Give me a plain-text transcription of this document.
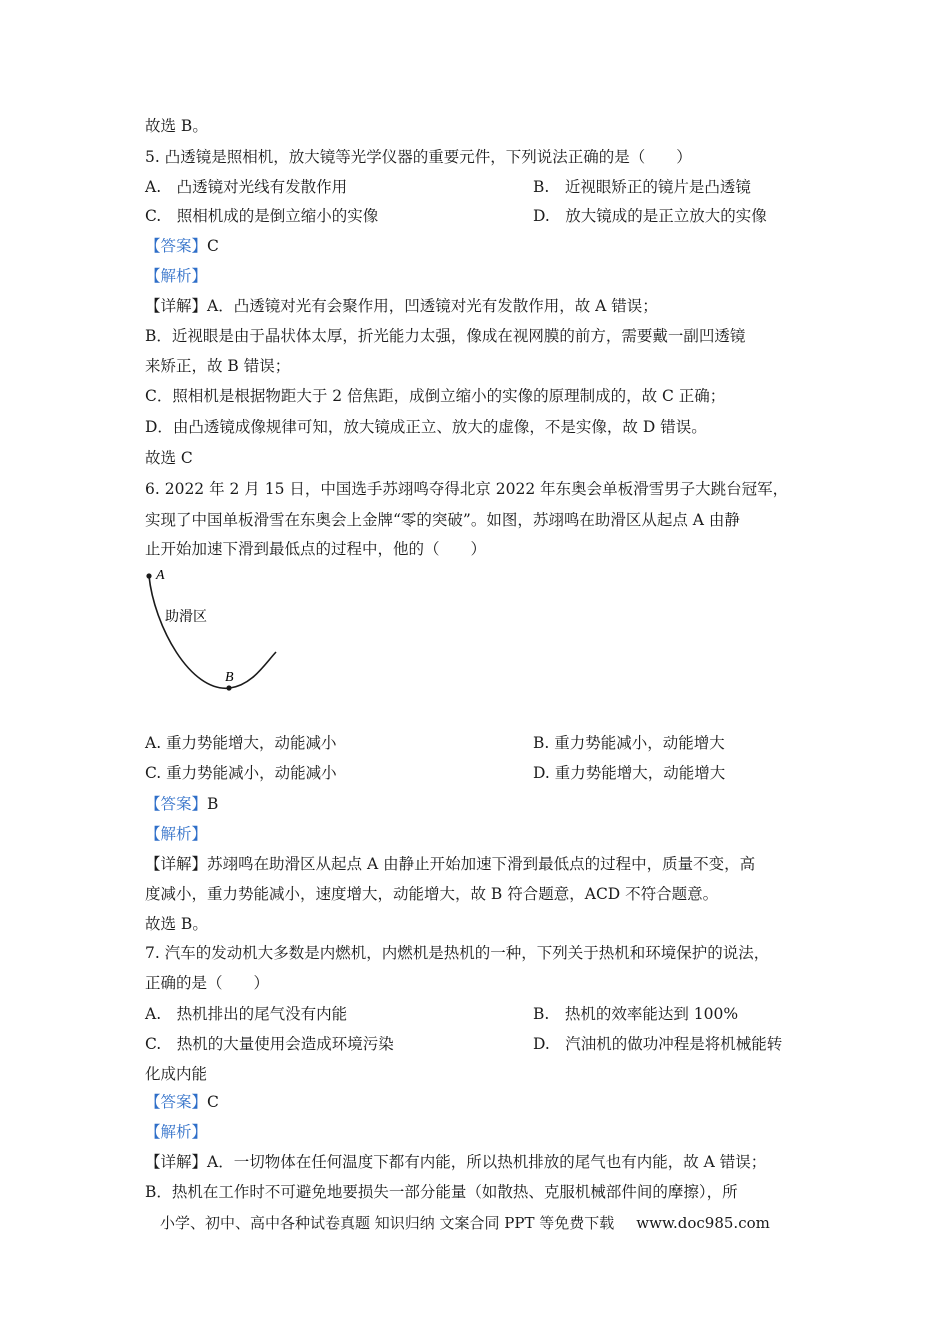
故选 B。
5. 凸透镜是照相机，放大镜等光学仪器的重要元件，下列说法正确的是（　　）
A.　凸透镜对光线有发散作用	B.　近视眼矫正的镜片是凸透镜
C.　照相机成的是倒立缩小的实像	D.　放大镜成的是正立放大的实像
【答案】C
【解析】
【详解】A．凸透镜对光有会聚作用，凹透镜对光有发散作用，故 A 错误；
B．近视眼是由于晶状体太厚，折光能力太强，像成在视网膜的前方，需要戴一副凹透镜
来矫正，故 B 错误；
C．照相机是根据物距大于 2 倍焦距，成倒立缩小的实像的原理制成的，故 C 正确；
D．由凸透镜成像规律可知，放大镜成正立、放大的虚像，不是实像，故 D 错误。
故选 C
6. 2022 年 2 月 15 日，中国选手苏翊鸣夺得北京 2022 年东奥会单板滑雪男子大跳台冠军，
实现了中国单板滑雪在东奥会上金牌“零的突破”。如图，苏翊鸣在助滑区从起点 A 由静
止开始加速下滑到最低点的过程中，他的（　　）
A
B
助滑区
A. 重力势能增大，动能减小	B. 重力势能减小，动能增大
C. 重力势能减小，动能减小	D. 重力势能增大，动能增大
【答案】B
【解析】
【详解】苏翊鸣在助滑区从起点 A 由静止开始加速下滑到最低点的过程中，质量不变，高
度减小，重力势能减小，速度增大，动能增大，故 B 符合题意，ACD 不符合题意。
故选 B。
7. 汽车的发动机大多数是内燃机，内燃机是热机的一种，下列关于热机和环境保护的说法，
正确的是（　　）
A.　热机排出的尾气没有内能	B.　热机的效率能达到 100%
C.　热机的大量使用会造成环境污染	D.　汽油机的做功冲程是将机械能转
化成内能
【答案】C
【解析】
【详解】A．一切物体在任何温度下都有内能，所以热机排放的尾气也有内能，故 A 错误；
B．热机在工作时不可避免地要损失一部分能量（如散热、克服机械部件间的摩擦），所
小学、初中、高中各种试卷真题 知识归纳 文案合同 PPT 等免费下载 www.doc985.com
